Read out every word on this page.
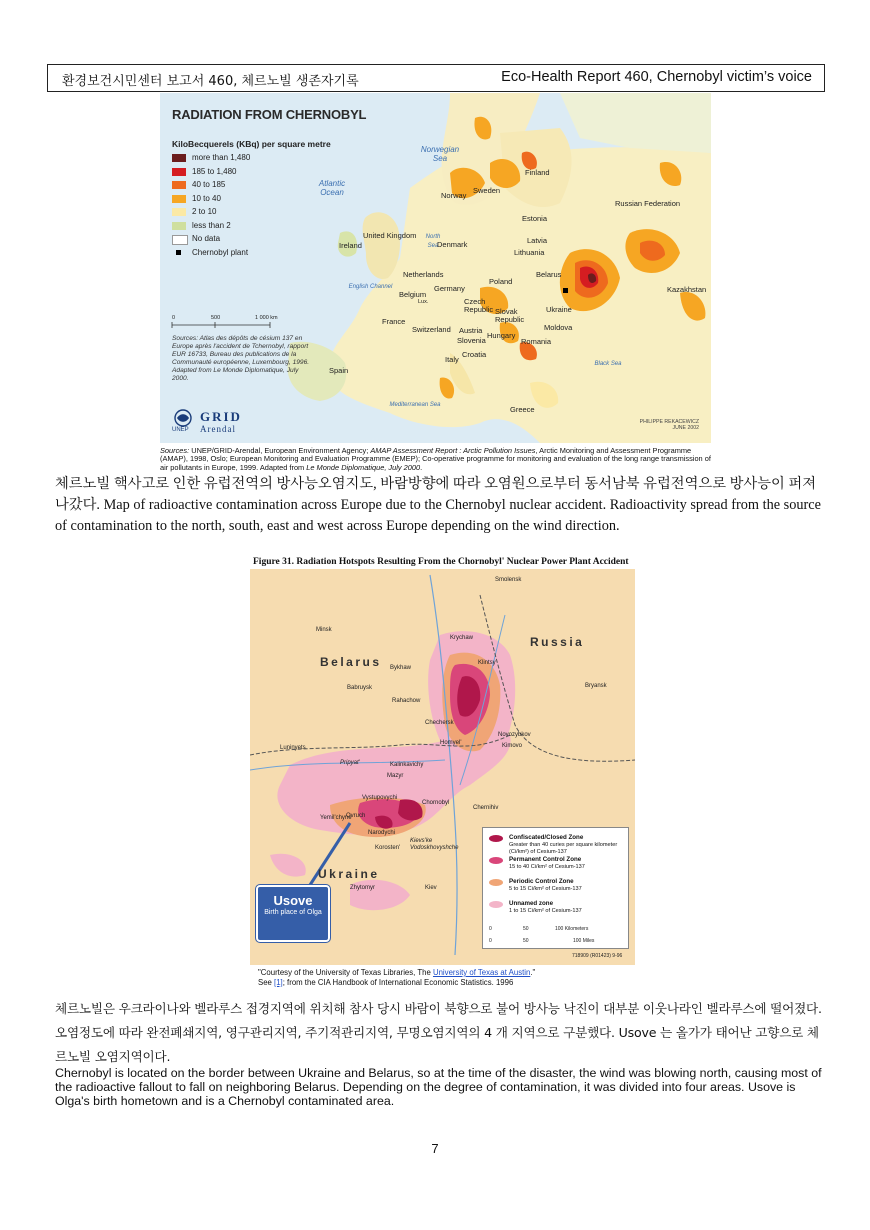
환경보건시민센터 보고서 460, 체르노빌 생존자기록	Eco-Health Report 460, Chernobyl victim’s voice
RADIATION FROM CHERNOBYL
KiloBecquerels (KBq) per square metre
more than 1,480
185 to 1,480
40 to 185
10 to 40
2 to 10
less than 2
No data
Chernobyl plant
0	500	1 000 km
Sources: Atlas des dépôts de césium 137 en Europe après l'accident de Tchernobyl, rapport EUR 16733, Bureau des publications de la Communauté européenne, Luxembourg, 1996. Adapted from Le Monde Diplomatique, July 2000.
UNEP
GRID
Arendal
PHILIPPE REKACEWICZ
JUNE 2002
Norwegian Sea
Atlantic Ocean
North Sea
English Channel
Black Sea
Mediterranean Sea
Finland
Sweden
Norway
Russian Federation
Estonia
United Kingdom
Ireland	Denmark	Latvia
Lithuania
Netherlands	Belarus
Poland
Germany
Belgium
Lux.
Kazakhstan
Czech Republic Slovak Republic
Ukraine
France
Moldova
Switzerland Austria
Hungary
Slovenia	Romania
Croatia
Italy
Spain
Greece
Sources: UNEP/GRID-Arendal, European Environment Agency; AMAP Assessment Report : Arctic Pollution Issues, Arctic Monitoring and Assessment Programme (AMAP), 1998, Oslo; European Monitoring and Evaluation Programme (EMEP); Co-operative programme for monitoring and evaluation of the long range transmission of air pollutants in Europe, 1999. Adapted from Le Monde Diplomatique, July 2000.
체르노빌 핵사고로 인한 유럽전역의 방사능오염지도, 바람방향에 따라 오염원으로부터 동서남북 유럽전역으로 방사능이 퍼져 나갔다. Map of radioactive contamination across Europe due to the Chernobyl nuclear accident. Radioactivity spread from the source of contamination to the north, south, east and west across Europe depending on the wind direction.
Figure 31. Radiation Hotspots Resulting From the Chornobyl' Nuclear Power Plant Accident
Belarus
Russia
Ukraine
Smolensk
Minsk
Krychaw
Klintsy
Bykhaw
Babruysk
Rahachow
Bryansk
Chechersk
Homyel'
Novozybkov
Kimovo
Luninyets
Pripyat'	Kalinkavichy
Mazyr
Vystupovychi
Chornobyl
Chernihiv
Ovruch
Narodychi
Korosten'
Kievs'ke Vodoskhovyshche
Zhytomyr	Kiev
Yemil'chyne
Confiscated/Closed Zone
Greater than 40 curies per square kilometer (Ci/km²) of Cesium-137
Permanent Control Zone
15 to 40 Ci/km² of Cesium-137
Periodic Control Zone
5 to 15 Ci/km² of Cesium-137
Unnamed zone
1 to 15 Ci/km² of Cesium-137
0	50	100 Kilometers
0	50	100 Miles
718909 (R01423) 9-96
Usove
Birth place of Olga
"Courtesy of the University of Texas Libraries, The University of Texas at Austin."
See [1]; from the CIA Handbook of International Economic Statistics. 1996
체르노빌은 우크라이나와 벨라루스 접경지역에 위치해 참사 당시 바람이 북향으로 불어 방사능 낙진이 대부분 이웃나라인 벨라루스에 떨어졌다. 오염정도에 따라 완전폐쇄지역, 영구관리지역, 주기적관리지역, 무명오염지역의 4 개 지역으로 구분했다. Usove 는 올가가 태어난 고향으로 체르노빌 오염지역이다.
Chernobyl is located on the border between Ukraine and Belarus, so at the time of the disaster, the wind was blowing north, causing most of the radioactive fallout to fall on neighboring Belarus. Depending on the degree of contamination, it was divided into four areas. Usove is Olga's birth hometown and is a Chernobyl contaminated area.
7
